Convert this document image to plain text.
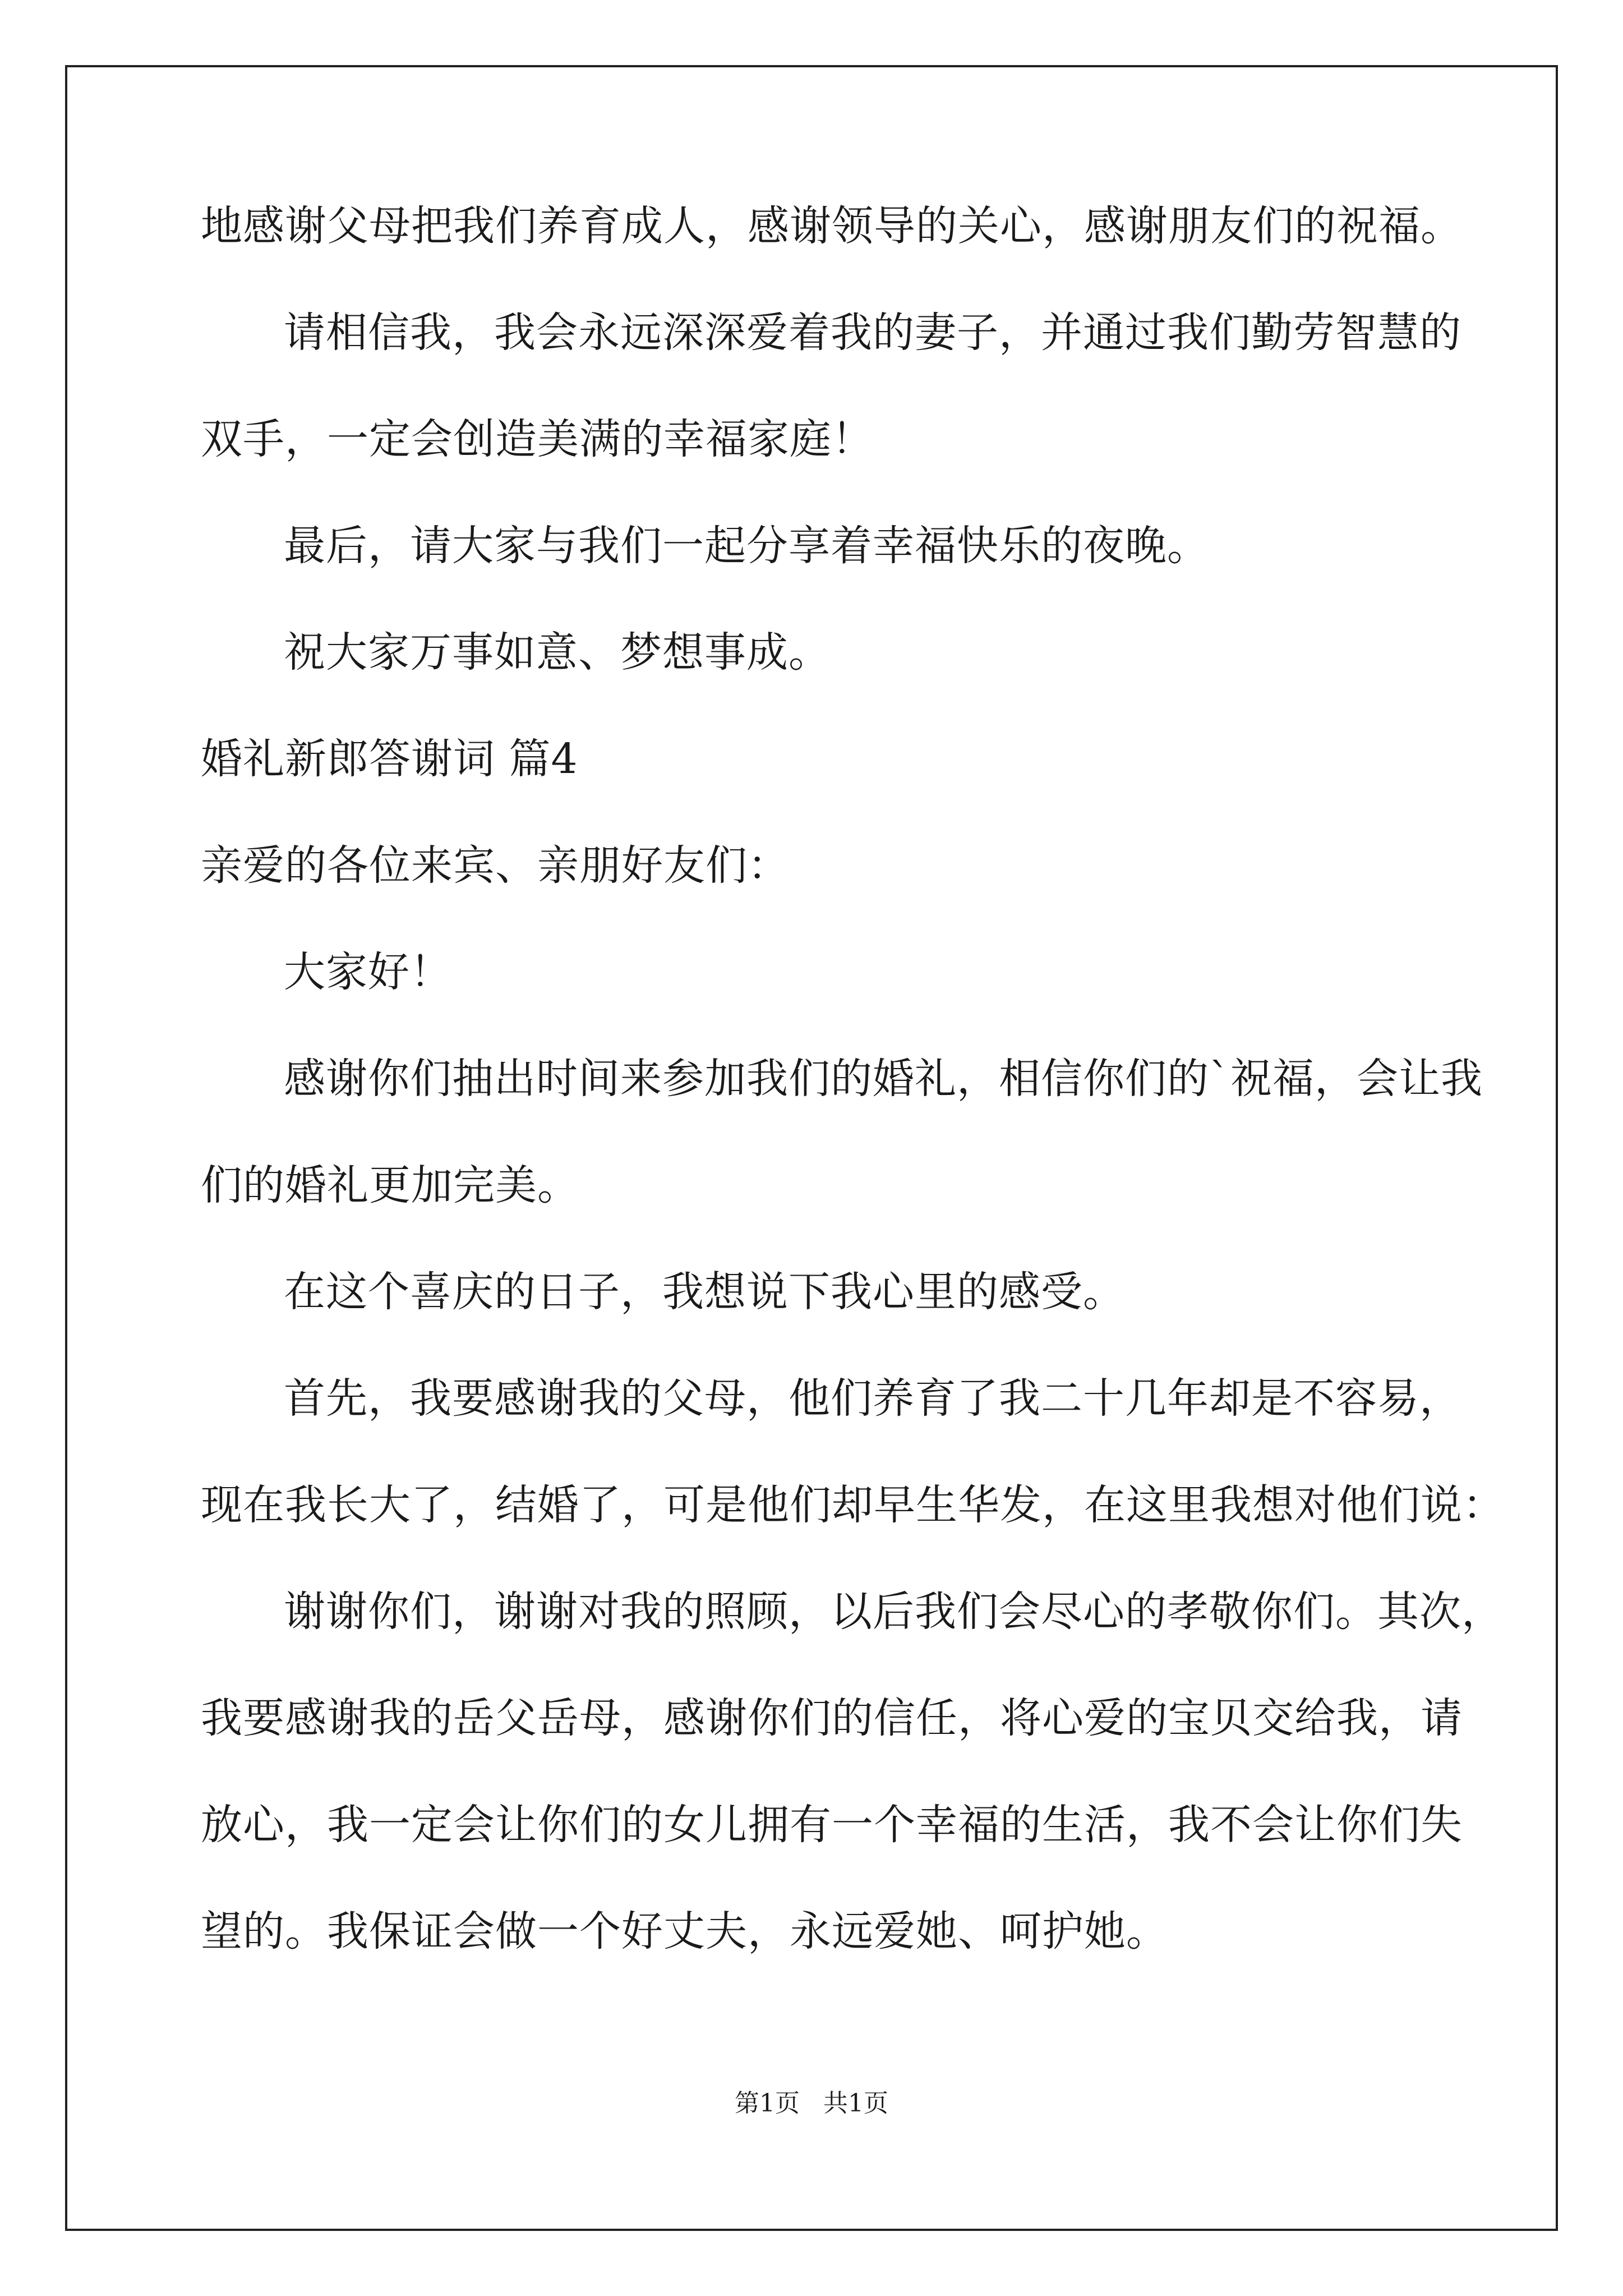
地感谢父母把我们养育成人，感谢领导的关心，感谢朋友们的祝福。
请相信我，我会永远深深爱着我的妻子，并通过我们勤劳智慧的
双手，一定会创造美满的幸福家庭！
最后，请大家与我们一起分享着幸福快乐的夜晚。
祝大家万事如意、梦想事成。
婚礼新郎答谢词 篇4
亲爱的各位来宾、亲朋好友们：
大家好！
感谢你们抽出时间来参加我们的婚礼，相信你们的`祝福，会让我
们的婚礼更加完美。
在这个喜庆的日子，我想说下我心里的感受。
首先，我要感谢我的父母，他们养育了我二十几年却是不容易，
现在我长大了，结婚了，可是他们却早生华发，在这里我想对他们说：
谢谢你们，谢谢对我的照顾，以后我们会尽心的孝敬你们。其次，
我要感谢我的岳父岳母，感谢你们的信任，将心爱的宝贝交给我，请
放心，我一定会让你们的女儿拥有一个幸福的生活，我不会让你们失
望的。我保证会做一个好丈夫，永远爱她、呵护她。
第1页   共1页
